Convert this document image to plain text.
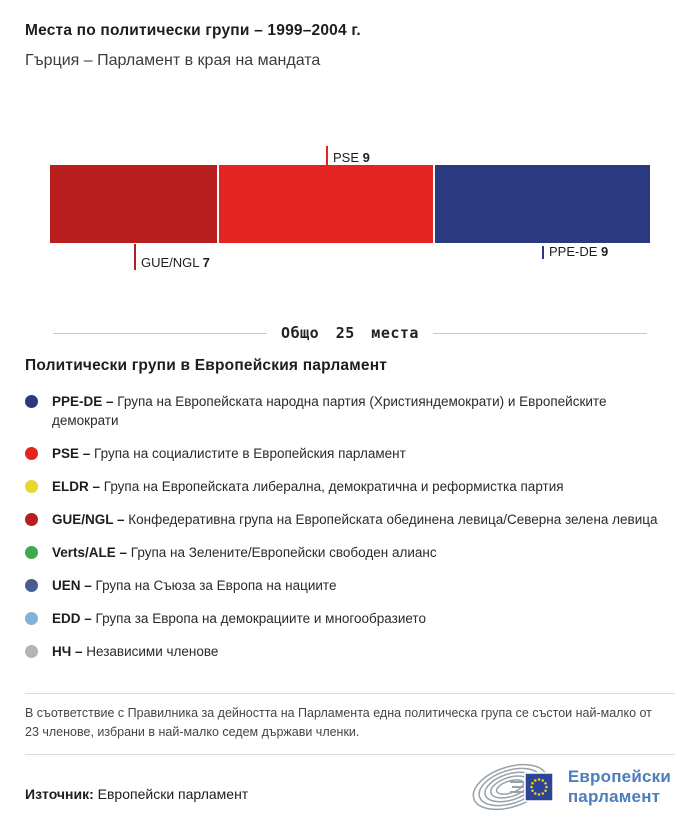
Места по политически групи – 1999–2004 г.
Гърция – Парламент в края на мандата
GUE/NGL 7
PSE 9
PPE-DE 9
Общо 25 места
Политически групи в Европейския парламент

PPE-DE – Група на Европейската народна партия (Християндемократи) и Европейските демократи

PSE – Група на социалистите в Европейския парламент

ELDR – Група на Европейската либерална, демократична и реформистка партия

GUE/NGL – Конфедеративна група на Европейската обединена левица/Северна зелена левица

Verts/ALE – Група на Зелените/Европейски свободен алианс

UEN – Група на Съюза за Европа на нациите

EDD – Група за Европа на демокрациите и многообразието

НЧ – Независими членове

В съответствие с Правилника за дейността на Парламента една политическа група се състои най-малко от 23 членове, избрани в най-малко седем държави членки.

Източник: Европейски парламент

Европейски
парламент
